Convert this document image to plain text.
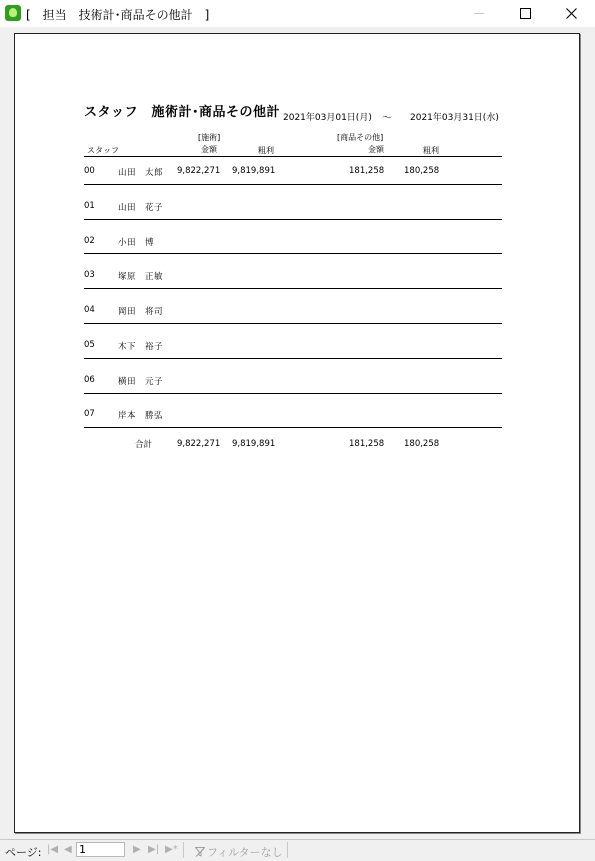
[　担当　技術計･商品その他計　]
スタッフ　施術計･商品その他計 2021年03月01日(月) ～ 2021年03月31日(水)
[施術]	[商品その他]
スタッフ	金額	粗利	金額	粗利
00	山田　太郎 9,822,271 9,819,891	181,258 180,258
01	山田　花子
02	小田　博
03	塚原　正敏
04	岡田　将司
05	木下　裕子
06	横田　元子
07	岸本　勝弘
合計	9,822,271 9,819,891	181,258 180,258
ページ: |◀ ◀ 1	▶ ▶| ▶*	フィルターなし
